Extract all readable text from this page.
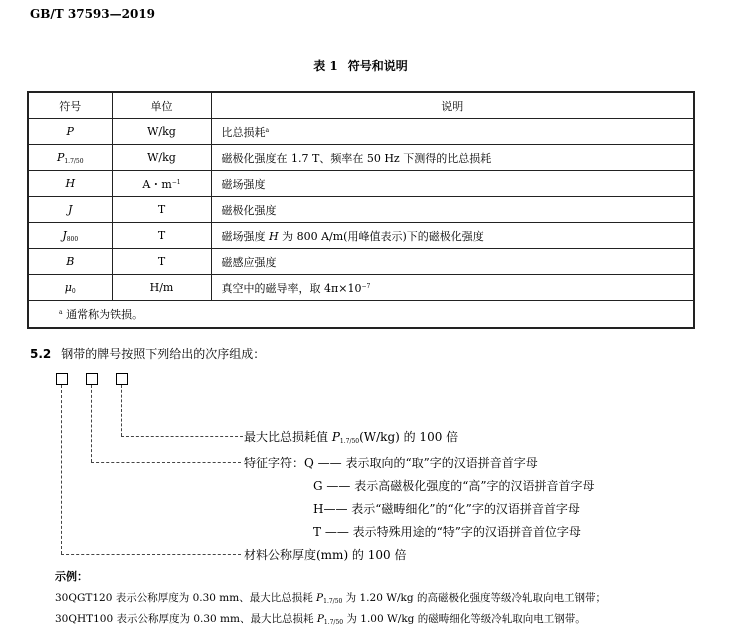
GB/T 37593—2019
表 1 符号和说明
符号	单位	说明
P	W/kg	比总损耗$^a$
$P_{1.7/50}$	W/kg	磁极化强度在 1.7 T、频率在 50 Hz 下测得的比总损耗
H	A・$m^{-1}$	磁场强度
J	T	磁极化强度
$J_{800}$	T	磁场强度 H 为 800 A/m(用峰值表示)下的磁极化强度
B	T	磁感应强度
$\mu_0$	H/m	真空中的磁导率，取 $4\pi\times 10^{-7}$
$^a$ 通常称为铁损。		
5.2 钢带的牌号按照下列给出的次序组成：
最大比总损耗值 $P_{1.7/50}(W/kg)$ 的 100 倍
特征字符：Q —— 表示取向的“取”字的汉语拼音首字母
G —— 表示高磁极化强度的“高”字的汉语拼音首字母
H—— 表示“磁畴细化”的“化”字的汉语拼音首字母
T —— 表示特殊用途的“特”字的汉语拼音首位字母
材料公称厚度(mm) 的 100 倍
示例：
30QGT120 表示公称厚度为 0.30 mm、最大比总损耗 $P_{1.7/50}$ 为 1.20 W/kg 的高磁极化强度等级冷轧取向电工钢带；
30QHT100 表示公称厚度为 0.30 mm、最大比总损耗 $P_{1.7/50}$ 为 1.00 W/kg 的磁畴细化等级冷轧取向电工钢带。
